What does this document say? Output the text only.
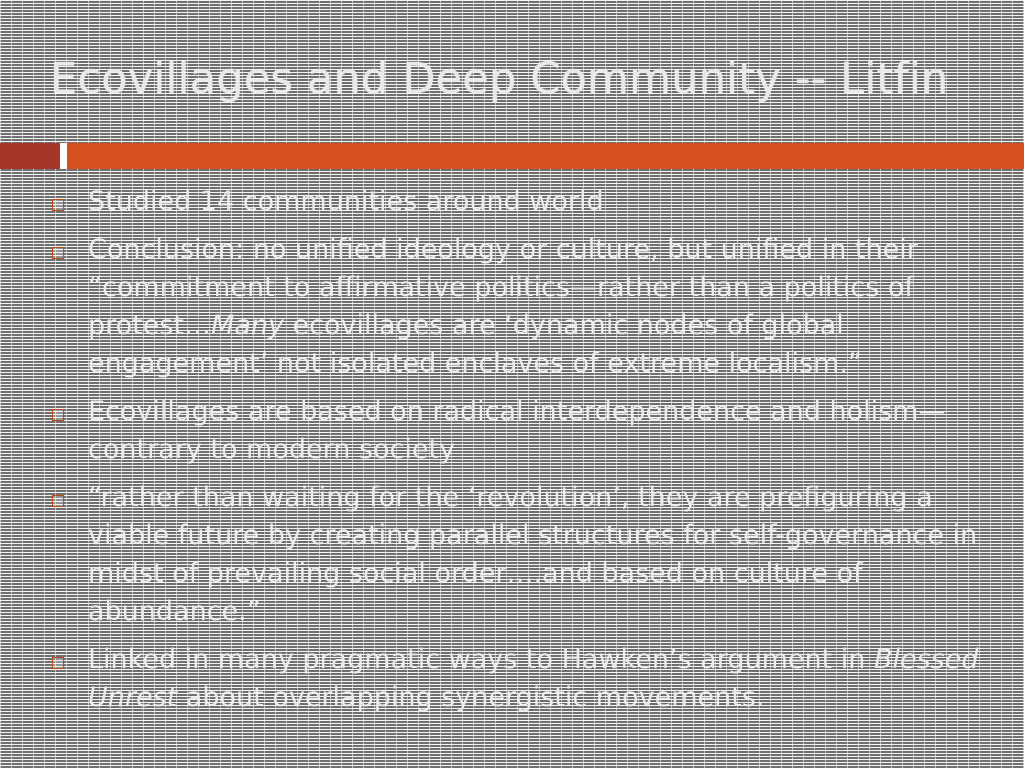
Ecovillages and Deep Community -- Litfin
Studied 14 communities around world
Conclusion: no unified ideology or culture, but unified in their “commitment to affirmative politics—rather than a politics of protest…Many ecovillages are ‘dynamic nodes of global engagement’ not isolated enclaves of extreme localism.”
Ecovillages are based on radical interdependence and holism—contrary to modern society
“rather than waiting for the ‘revolution’, they are prefiguring a viable future by creating parallel structures for self-governance in midst of prevailing social order….and based on culture of abundance.”
Linked in many pragmatic ways to Hawken’s argument in Blessed Unrest about overlapping synergistic movements.
